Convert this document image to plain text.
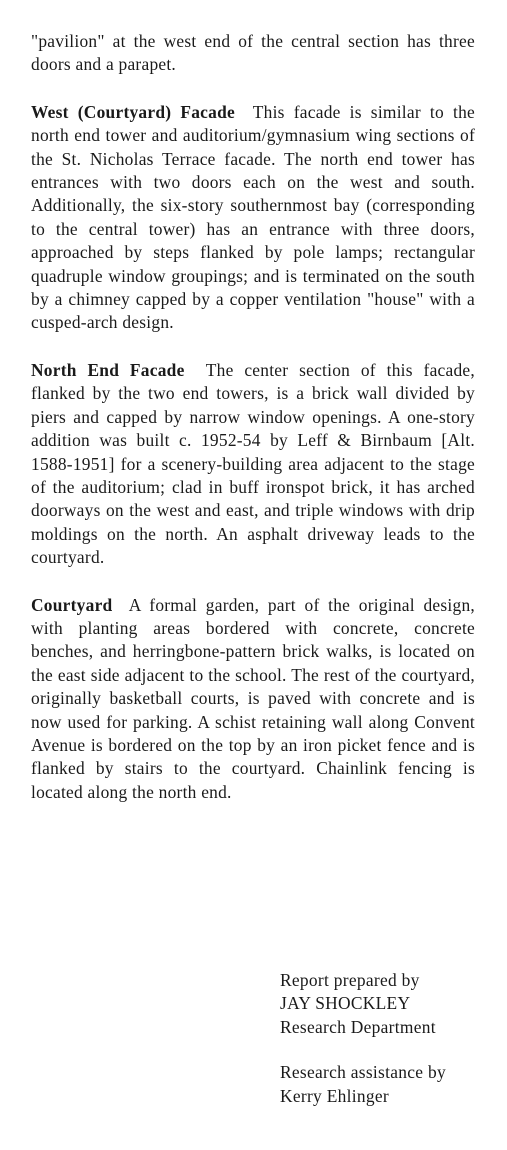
"pavilion" at the west end of the central section has three doors and a parapet.

West (Courtyard) Facade This facade is similar to the north end tower and auditorium/gymnasium wing sections of the St. Nicholas Terrace facade. The north end tower has entrances with two doors each on the west and south. Additionally, the six-story southernmost bay (corresponding to the central tower) has an entrance with three doors, approached by steps flanked by pole lamps; rectangular quadruple window groupings; and is terminated on the south by a chimney capped by a copper ventilation "house" with a cusped-arch design.

North End Facade The center section of this facade, flanked by the two end towers, is a brick wall divided by piers and capped by narrow window openings. A one-story addition was built c. 1952-54 by Leff & Birnbaum [Alt. 1588-1951] for a scenery-building area adjacent to the stage of the auditorium; clad in buff ironspot brick, it has arched doorways on the west and east, and triple windows with drip moldings on the north. An asphalt driveway leads to the courtyard.

Courtyard A formal garden, part of the original design, with planting areas bordered with concrete, concrete benches, and herringbone-pattern brick walks, is located on the east side adjacent to the school. The rest of the courtyard, originally basketball courts, is paved with concrete and is now used for parking. A schist retaining wall along Convent Avenue is bordered on the top by an iron picket fence and is flanked by stairs to the courtyard. Chainlink fencing is located along the north end.

Report prepared by
JAY SHOCKLEY
Research Department
Research assistance by
Kerry Ehlinger
